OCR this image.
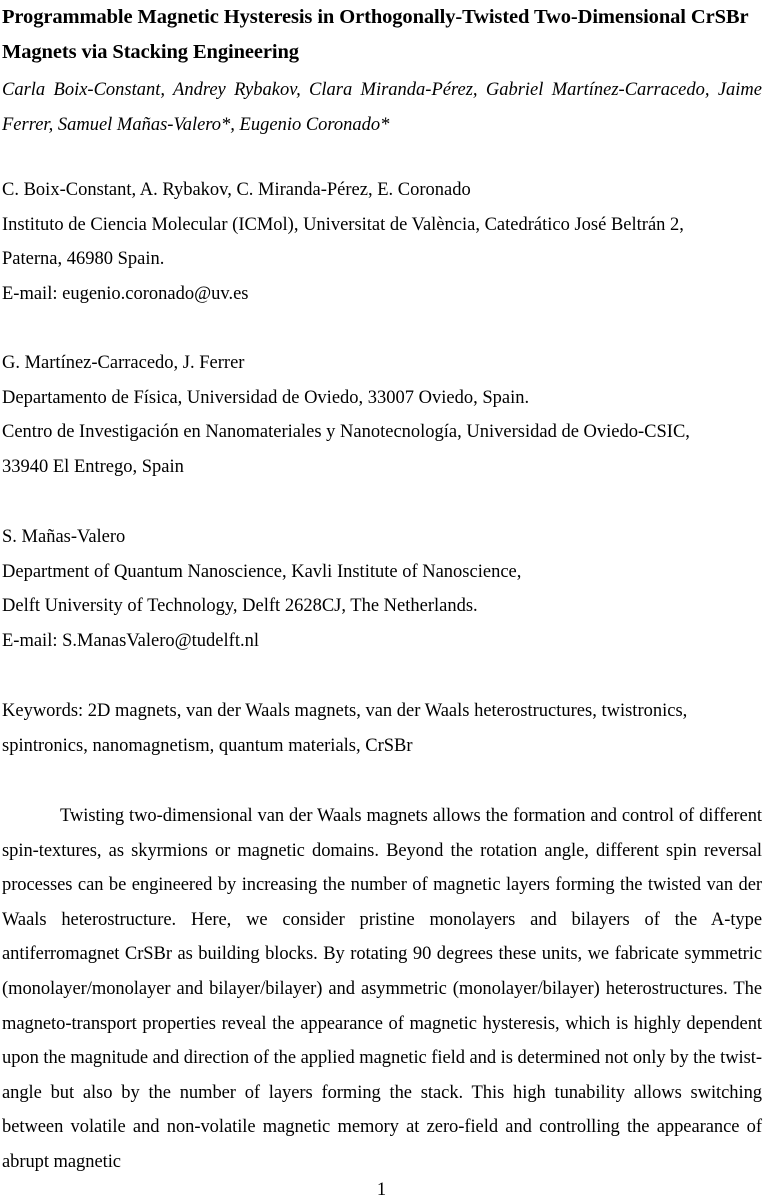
Programmable Magnetic Hysteresis in Orthogonally-Twisted Two-Dimensional CrSBr Magnets via Stacking Engineering

Carla Boix-Constant, Andrey Rybakov, Clara Miranda-Pérez, Gabriel Martínez-Carracedo, Jaime Ferrer, Samuel Mañas-Valero*, Eugenio Coronado*

C. Boix-Constant, A. Rybakov, C. Miranda-Pérez, E. Coronado
Instituto de Ciencia Molecular (ICMol), Universitat de València, Catedrático José Beltrán 2,
Paterna, 46980 Spain.
E-mail: eugenio.coronado@uv.es
G. Martínez-Carracedo, J. Ferrer
Departamento de Física, Universidad de Oviedo, 33007 Oviedo, Spain.
Centro de Investigación en Nanomateriales y Nanotecnología, Universidad de Oviedo-CSIC,
33940 El Entrego, Spain
S. Mañas-Valero
Department of Quantum Nanoscience, Kavli Institute of Nanoscience,
Delft University of Technology, Delft 2628CJ, The Netherlands.
E-mail: S.ManasValero@tudelft.nl
Keywords: 2D magnets, van der Waals magnets, van der Waals heterostructures, twistronics,
spintronics, nanomagnetism, quantum materials, CrSBr

Twisting two-dimensional van der Waals magnets allows the formation and control of different spin-textures, as skyrmions or magnetic domains. Beyond the rotation angle, different spin reversal processes can be engineered by increasing the number of magnetic layers forming the twisted van der Waals heterostructure. Here, we consider pristine monolayers and bilayers of the A-type antiferromagnet CrSBr as building blocks. By rotating 90 degrees these units, we fabricate symmetric (monolayer/monolayer and bilayer/bilayer) and asymmetric (monolayer/bilayer) heterostructures. The magneto-transport properties reveal the appearance of magnetic hysteresis, which is highly dependent upon the magnitude and direction of the applied magnetic field and is determined not only by the twist-angle but also by the number of layers forming the stack. This high tunability allows switching between volatile and non-volatile magnetic memory at zero-field and controlling the appearance of abrupt magnetic

1
